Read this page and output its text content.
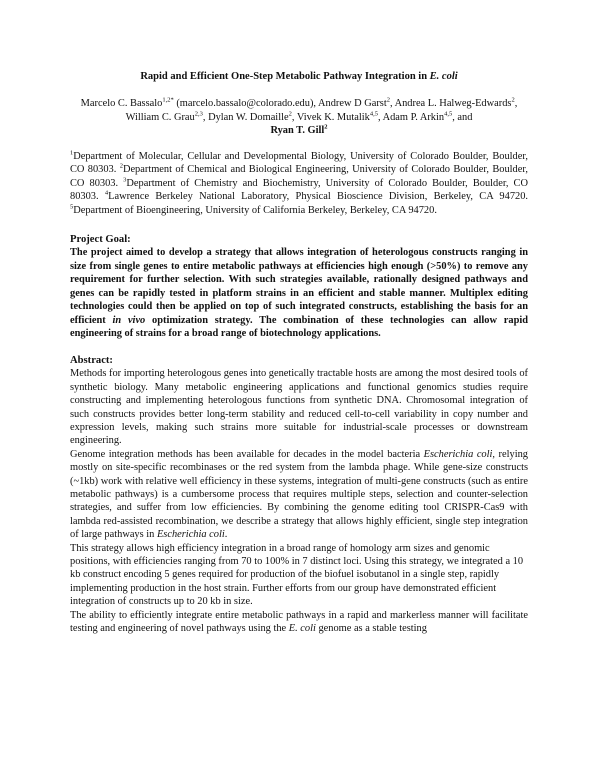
Rapid and Efficient One-Step Metabolic Pathway Integration in E. coli
Marcelo C. Bassalo$^{1,2*}$ (marcelo.bassalo@colorado.edu), Andrew D Garst$^2$, Andrea L. Halweg-Edwards$^2$, William C. Grau$^{2,3}$, Dylan W. Domaille$^2$, Vivek K. Mutalik$^{4,5}$, Adam P. Arkin$^{4,5}$, and
Ryan T. Gill$^2$
$^1$Department of Molecular, Cellular and Developmental Biology, University of Colorado Boulder, Boulder, CO 80303. $^2$Department of Chemical and Biological Engineering, University of Colorado Boulder, Boulder, CO 80303. $^3$Department of Chemistry and Biochemistry, University of Colorado Boulder, Boulder, CO 80303. $^4$Lawrence Berkeley National Laboratory, Physical Bioscience Division, Berkeley, CA 94720. $^5$Department of Bioengineering, University of California Berkeley, Berkeley, CA 94720.
Project Goal:
The project aimed to develop a strategy that allows integration of heterologous constructs ranging in size from single genes to entire metabolic pathways at efficiencies high enough (>50%) to remove any requirement for further selection. With such strategies available, rationally designed pathways and genes can be rapidly tested in platform strains in an efficient and stable manner. Multiplex editing technologies could then be applied on top of such integrated constructs, establishing the basis for an efficient in vivo optimization strategy. The combination of these technologies can allow rapid engineering of strains for a broad range of biotechnology applications.
Abstract:

Methods for importing heterologous genes into genetically tractable hosts are among the most desired tools of synthetic biology. Many metabolic engineering applications and functional genomics studies require constructing and implementing heterologous functions from synthetic DNA. Chromosomal integration of such constructs provides better long-term stability and reduced cell-to-cell variability in copy number and expression levels, making such strains more suitable for industrial-scale processes or downstream engineering.

Genome integration methods has been available for decades in the model bacteria Escherichia coli, relying mostly on site-specific recombinases or the red system from the lambda phage. While gene-size constructs (~1kb) work with relative well efficiency in these systems, integration of multi-gene constructs (such as entire metabolic pathways) is a cumbersome process that requires multiple steps, selection and counter-selection strategies, and suffer from low efficiencies. By combining the genome editing tool CRISPR-Cas9 with lambda red-assisted recombination, we describe a strategy that allows highly efficient, single step integration of large pathways in Escherichia coli.

This strategy allows high efficiency integration in a broad range of homology arm sizes and genomic positions, with efficiencies ranging from 70 to 100% in 7 distinct loci. Using this strategy, we integrated a 10 kb construct encoding 5 genes required for production of the biofuel isobutanol in a single step, rapidly implementing production in the host strain. Further efforts from our group have demonstrated efficient integration of constructs up to 20 kb in size.

The ability to efficiently integrate entire metabolic pathways in a rapid and markerless manner will facilitate testing and engineering of novel pathways using the E. coli genome as a stable testing
